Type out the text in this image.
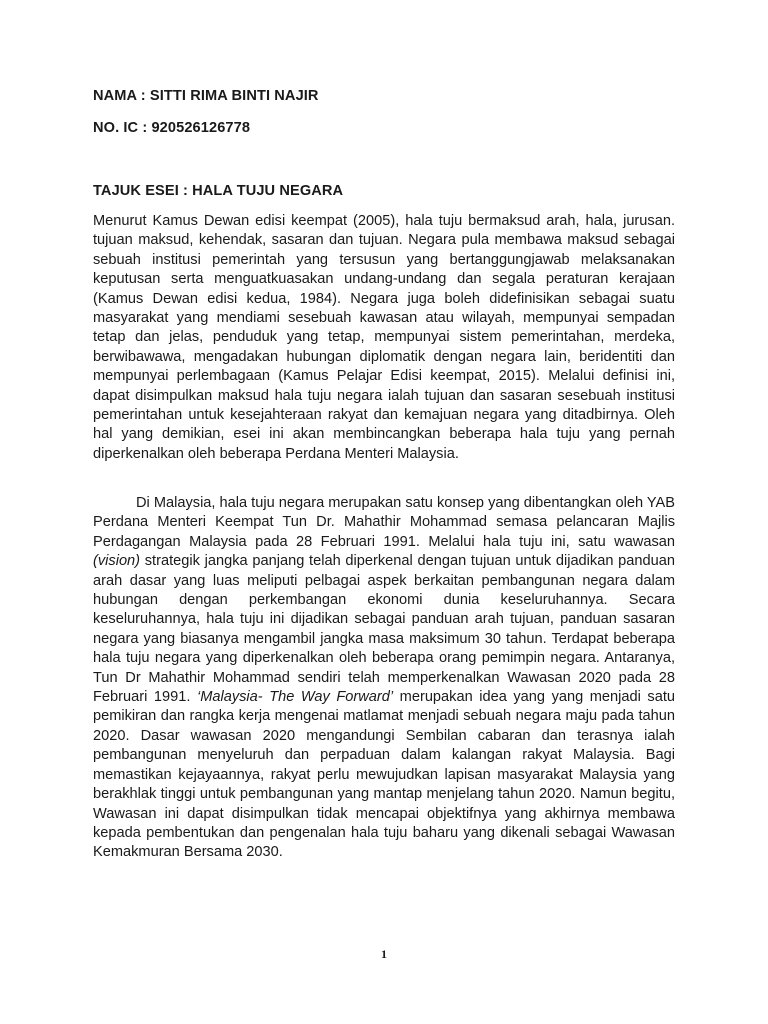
NAMA : SITTI RIMA BINTI NAJIR
NO. IC : 920526126778
TAJUK ESEI : HALA TUJU NEGARA

Menurut Kamus Dewan edisi keempat (2005), hala tuju bermaksud arah, hala, jurusan. tujuan maksud, kehendak, sasaran dan tujuan. Negara pula membawa maksud sebagai sebuah institusi pemerintah yang tersusun yang bertanggungjawab melaksanakan keputusan serta menguatkuasakan undang-undang dan segala peraturan kerajaan (Kamus Dewan edisi kedua, 1984). Negara juga boleh didefinisikan sebagai suatu masyarakat yang mendiami sesebuah kawasan atau wilayah, mempunyai sempadan tetap dan jelas, penduduk yang tetap, mempunyai sistem pemerintahan, merdeka, berwibawawa, mengadakan hubungan diplomatik dengan negara lain, beridentiti dan mempunyai perlembagaan (Kamus Pelajar Edisi keempat, 2015). Melalui definisi ini, dapat disimpulkan maksud hala tuju negara ialah tujuan dan sasaran sesebuah institusi pemerintahan untuk kesejahteraan rakyat dan kemajuan negara yang ditadbirnya. Oleh hal yang demikian, esei ini akan membincangkan beberapa hala tuju yang pernah diperkenalkan oleh beberapa Perdana Menteri Malaysia.

Di Malaysia, hala tuju negara merupakan satu konsep yang dibentangkan oleh YAB Perdana Menteri Keempat Tun Dr. Mahathir Mohammad semasa pelancaran Majlis Perdagangan Malaysia pada 28 Februari 1991. Melalui hala tuju ini, satu wawasan (vision) strategik jangka panjang telah diperkenal dengan tujuan untuk dijadikan panduan arah dasar yang luas meliputi pelbagai aspek berkaitan pembangunan negara dalam hubungan dengan perkembangan ekonomi dunia keseluruhannya. Secara keseluruhannya, hala tuju ini dijadikan sebagai panduan arah tujuan, panduan sasaran negara yang biasanya mengambil jangka masa maksimum 30 tahun. Terdapat beberapa hala tuju negara yang diperkenalkan oleh beberapa orang pemimpin negara. Antaranya, Tun Dr Mahathir Mohammad sendiri telah memperkenalkan Wawasan 2020 pada 28 Februari 1991. ‘Malaysia- The Way Forward’ merupakan idea yang yang menjadi satu pemikiran dan rangka kerja mengenai matlamat menjadi sebuah negara maju pada tahun 2020. Dasar wawasan 2020 mengandungi Sembilan cabaran dan terasnya ialah pembangunan menyeluruh dan perpaduan dalam kalangan rakyat Malaysia. Bagi memastikan kejayaannya, rakyat perlu mewujudkan lapisan masyarakat Malaysia yang berakhlak tinggi untuk pembangunan yang mantap menjelang tahun 2020. Namun begitu, Wawasan ini dapat disimpulkan tidak mencapai objektifnya yang akhirnya membawa kepada pembentukan dan pengenalan hala tuju baharu yang dikenali sebagai Wawasan Kemakmuran Bersama 2030.

1
